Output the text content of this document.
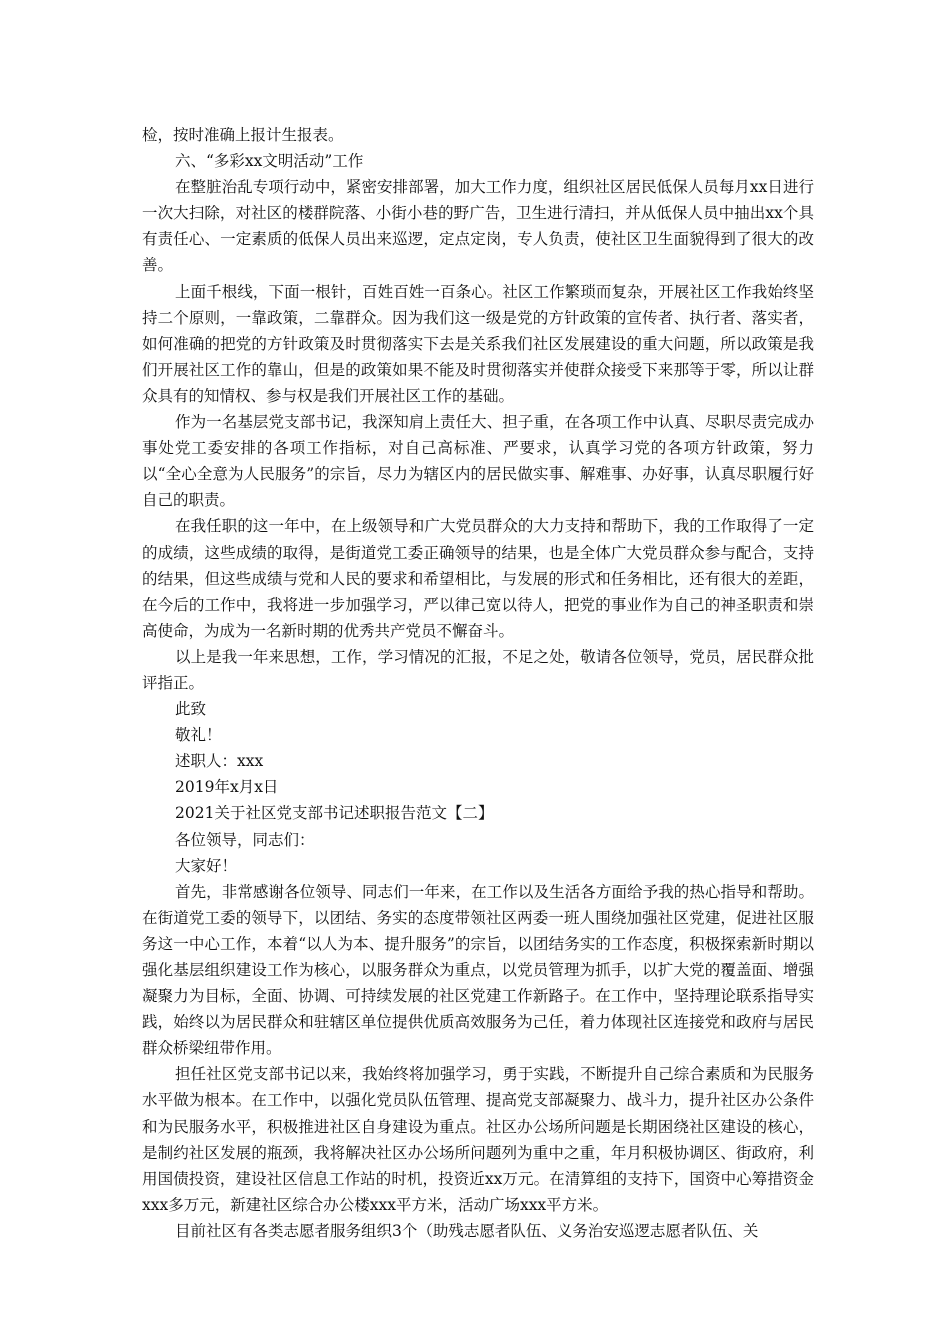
检，按时准确上报计生报表。

六、“多彩xx文明活动”工作

在整脏治乱专项行动中，紧密安排部署，加大工作力度，组织社区居民低保人员每月xx日进行一次大扫除，对社区的楼群院落、小街小巷的野广告，卫生进行清扫，并从低保人员中抽出xx个具有责任心、一定素质的低保人员出来巡逻，定点定岗，专人负责，使社区卫生面貌得到了很大的改善。

上面千根线，下面一根针，百姓百姓一百条心。社区工作繁琐而复杂，开展社区工作我始终坚持二个原则，一靠政策，二靠群众。因为我们这一级是党的方针政策的宣传者、执行者、落实者，如何准确的把党的方针政策及时贯彻落实下去是关系我们社区发展建设的重大问题，所以政策是我们开展社区工作的靠山，但是的政策如果不能及时贯彻落实并使群众接受下来那等于零，所以让群众具有的知情权、参与权是我们开展社区工作的基础。

作为一名基层党支部书记，我深知肩上责任大、担子重，在各项工作中认真、尽职尽责完成办事处党工委安排的各项工作指标，对自己高标准、严要求，认真学习党的各项方针政策，努力以“全心全意为人民服务”的宗旨，尽力为辖区内的居民做实事、解难事、办好事，认真尽职履行好自己的职责。

在我任职的这一年中，在上级领导和广大党员群众的大力支持和帮助下，我的工作取得了一定的成绩，这些成绩的取得，是街道党工委正确领导的结果，也是全体广大党员群众参与配合，支持的结果，但这些成绩与党和人民的要求和希望相比，与发展的形式和任务相比，还有很大的差距，在今后的工作中，我将进一步加强学习，严以律己宽以待人，把党的事业作为自己的神圣职责和崇高使命，为成为一名新时期的优秀共产党员不懈奋斗。

以上是我一年来思想，工作，学习情况的汇报，不足之处，敬请各位领导，党员，居民群众批评指正。

此致

敬礼！

述职人：xxx

2019年x月x日

2021关于社区党支部书记述职报告范文【二】

各位领导，同志们：

大家好！

首先，非常感谢各位领导、同志们一年来，在工作以及生活各方面给予我的热心指导和帮助。在街道党工委的领导下，以团结、务实的态度带领社区两委一班人围绕加强社区党建，促进社区服务这一中心工作，本着“以人为本、提升服务”的宗旨，以团结务实的工作态度，积极探索新时期以强化基层组织建设工作为核心，以服务群众为重点，以党员管理为抓手，以扩大党的覆盖面、增强凝聚力为目标，全面、协调、可持续发展的社区党建工作新路子。在工作中，坚持理论联系指导实践，始终以为居民群众和驻辖区单位提供优质高效服务为己任，着力体现社区连接党和政府与居民群众桥梁纽带作用。

担任社区党支部书记以来，我始终将加强学习，勇于实践，不断提升自己综合素质和为民服务水平做为根本。在工作中，以强化党员队伍管理、提高党支部凝聚力、战斗力，提升社区办公条件和为民服务水平，积极推进社区自身建设为重点。社区办公场所问题是长期困绕社区建设的核心，是制约社区发展的瓶颈，我将解决社区办公场所问题列为重中之重，年月积极协调区、街政府，利用国债投资，建设社区信息工作站的时机，投资近xx万元。在清算组的支持下，国资中心筹措资金xxx多万元，新建社区综合办公楼xxx平方米，活动广场xxx平方米。

目前社区有各类志愿者服务组织3个（助残志愿者队伍、义务治安巡逻志愿者队伍、关
